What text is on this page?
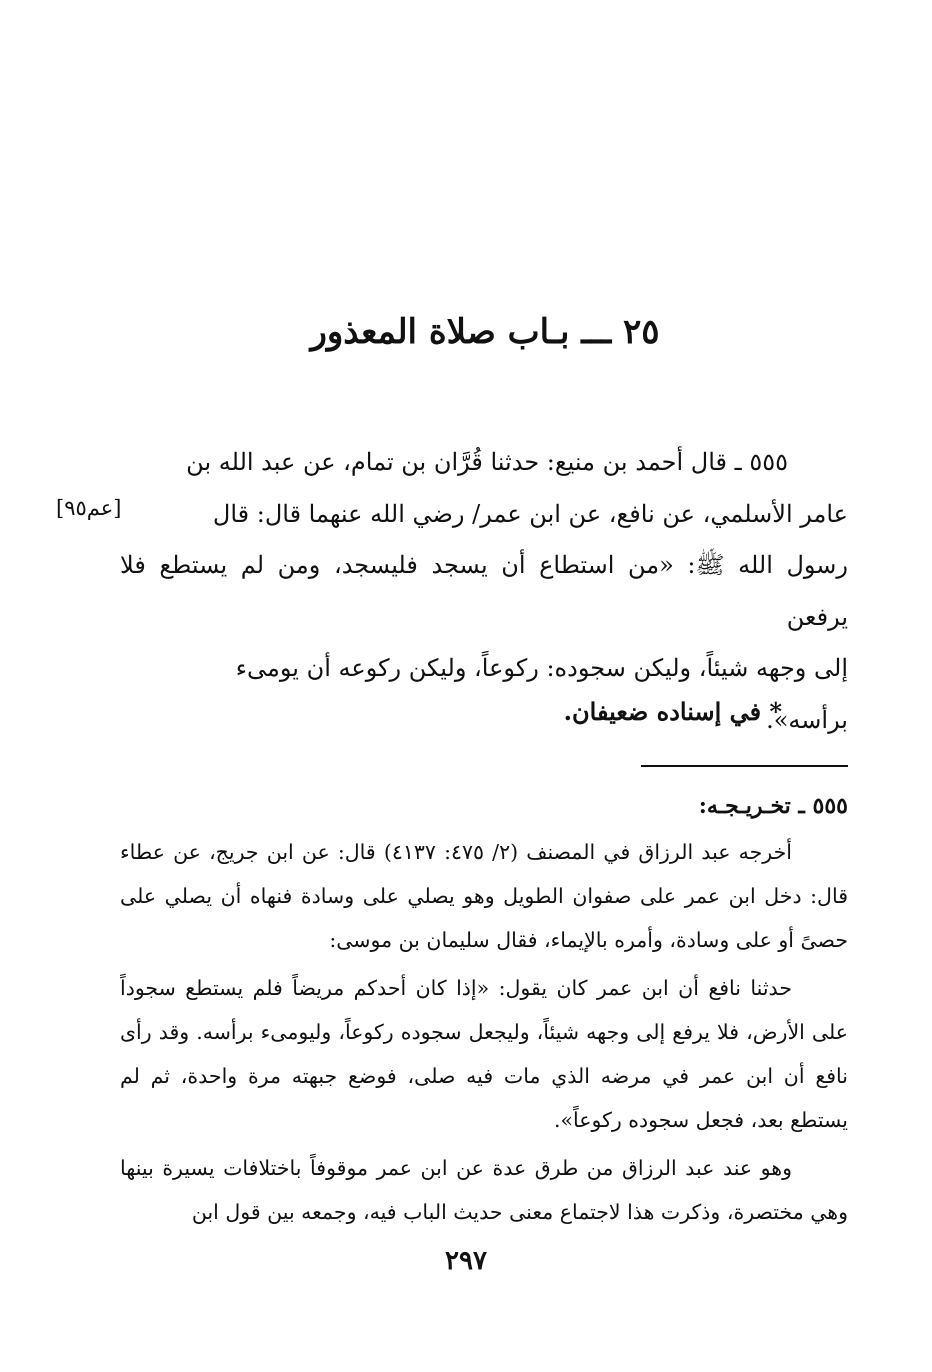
٢٥ ـــ بـاب صلاة المعذور

٥٥٥ ـ قال أحمد بن منيع: حدثنا قُرَّان بن تمام، عن عبد الله بن

عامر الأسلمي، عن نافع، عن ابن عمر/ رضي الله عنهما قال: قال

رسول الله ﷺ: «من استطاع أن يسجد فليسجد، ومن لم يستطع فلا يرفعن

إلى وجهه شيئاً، وليكن سجوده: ركوعاً، وليكن ركوعه أن يومىء

برأسه».

[عم٩٥]
* في إسناده ضعيفان.
٥٥٥ ـ تخـريـجـه:

أخرجه عبد الرزاق في المصنف (٢/ ٤٧٥: ٤١٣٧) قال: عن ابن جريج، عن عطاء قال: دخل ابن عمر على صفوان الطويل وهو يصلي على وسادة فنهاه أن يصلي على حصىً أو على وسادة، وأمره بالإيماء، فقال سليمان بن موسى:

حدثنا نافع أن ابن عمر كان يقول: «إذا كان أحدكم مريضاً فلم يستطع سجوداً على الأرض، فلا يرفع إلى وجهه شيئاً، وليجعل سجوده ركوعاً، وليومىء برأسه. وقد رأى نافع أن ابن عمر في مرضه الذي مات فيه صلى، فوضع جبهته مرة واحدة، ثم لم يستطع بعد، فجعل سجوده ركوعاً».

وهو عند عبد الرزاق من طرق عدة عن ابن عمر موقوفاً باختلافات يسيرة بينها وهي مختصرة، وذكرت هذا لاجتماع معنى حديث الباب فيه، وجمعه بين قول ابن

٢٩٧
